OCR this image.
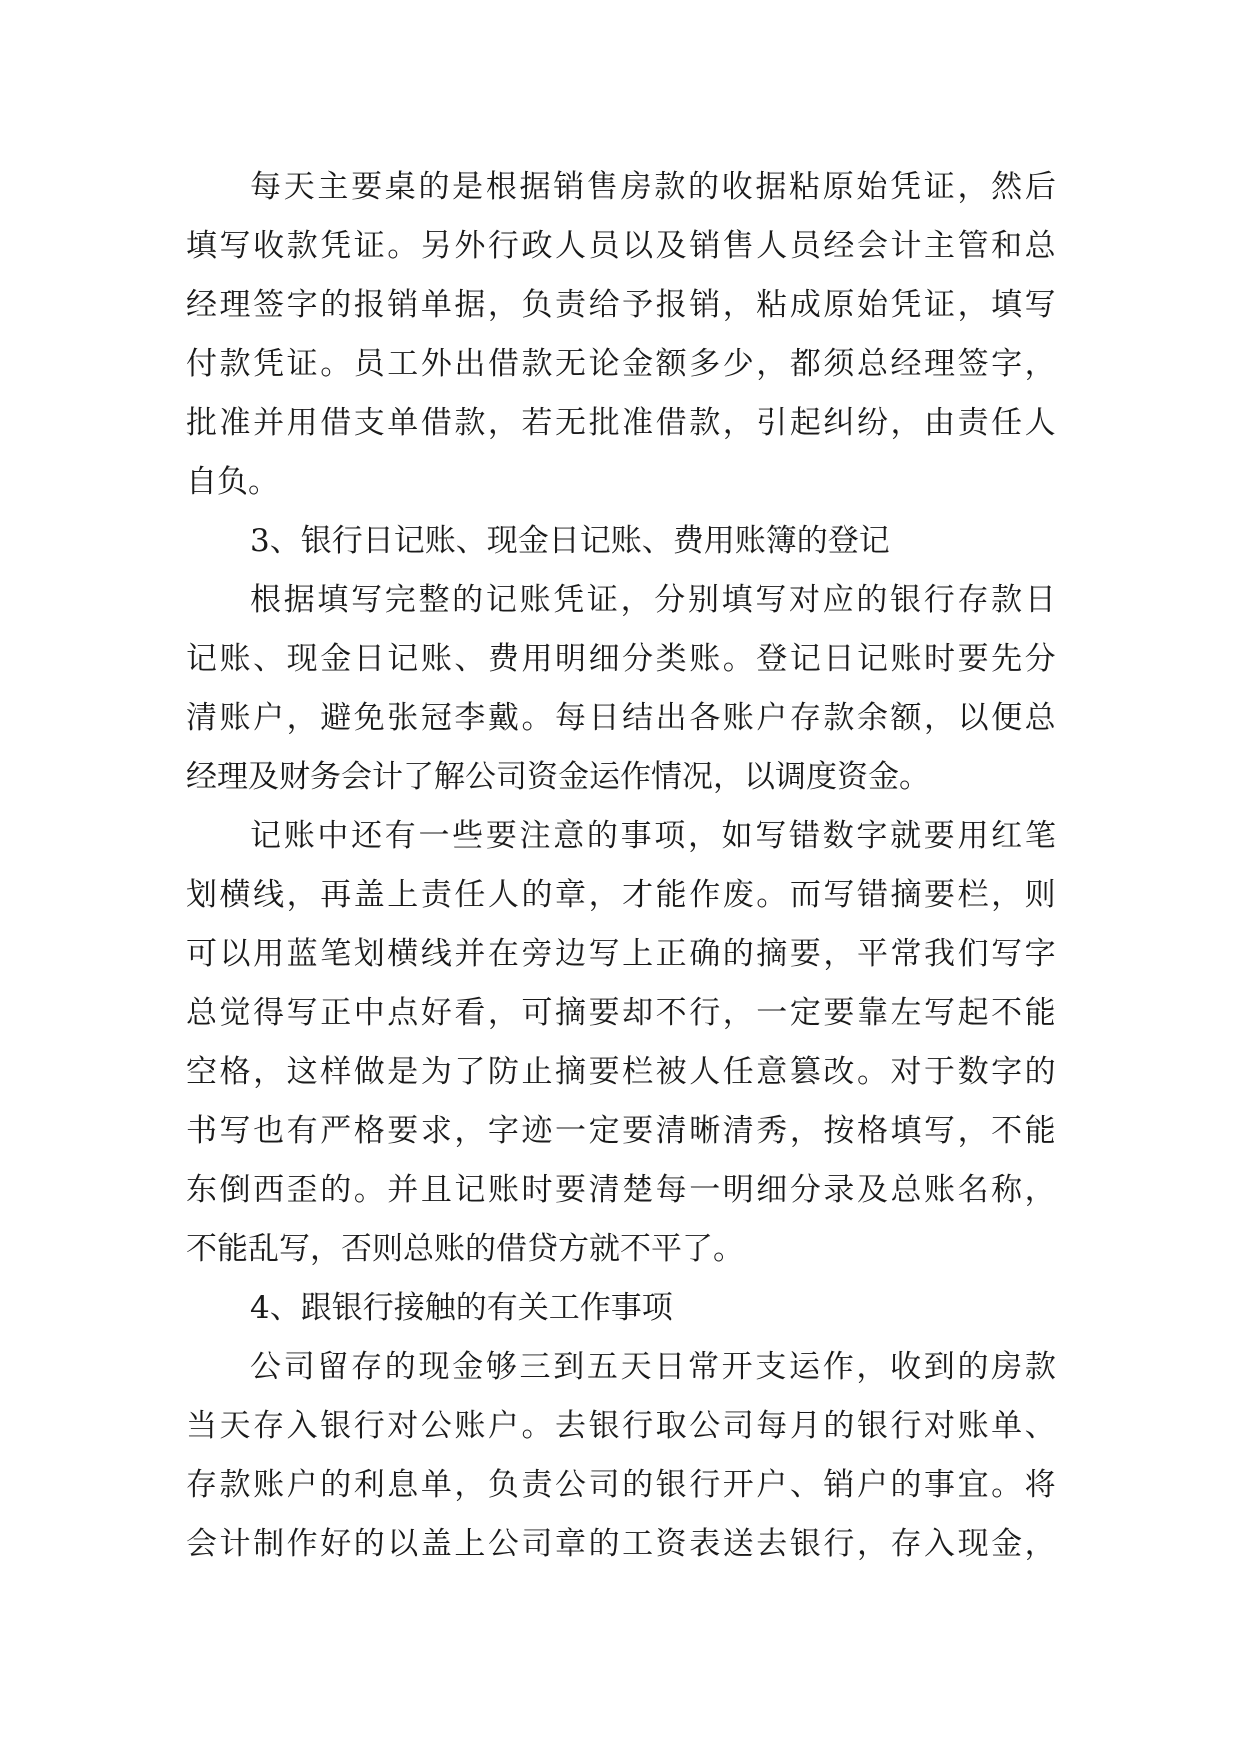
每 天 主 要 桌 的 是 根 据 销 售 房 款 的 收 据 粘 原 始 凭 证 ， 然 后

填 写 收 款 凭 证 。 另 外 行 政 人 员 以 及 销 售 人 员 经 会 计 主 管 和 总

经 理 签 字 的 报 销 单 据 ， 负 责 给 予 报 销 ， 粘 成 原 始 凭 证 ， 填 写

付 款 凭 证 。 员 工 外 出 借 款 无 论 金 额 多 少 ， 都 须 总 经 理 签 字 ，

批 准 并 用 借 支 单 借 款 ， 若 无 批 准 借 款 ， 引 起 纠 纷 ， 由 责 任 人

自负。

3、银行日记账、现金日记账、费用账簿的登记

根 据 填 写 完 整 的 记 账 凭 证 ， 分 别 填 写 对 应 的 银 行 存 款 日

记 账 、 现 金 日 记 账 、 费 用 明 细 分 类 账 。 登 记 日 记 账 时 要 先 分

清 账 户 ， 避 免 张 冠 李 戴 。 每 日 结 出 各 账 户 存 款 余 额 ， 以 便 总

经理及财务会计了解公司资金运作情况，以调度资金。

记 账 中 还 有 一 些 要 注 意 的 事 项 ， 如 写 错 数 字 就 要 用 红 笔

划 横 线 ， 再 盖 上 责 任 人 的 章 ， 才 能 作 废 。 而 写 错 摘 要 栏 ， 则

可 以 用 蓝 笔 划 横 线 并 在 旁 边 写 上 正 确 的 摘 要 ， 平 常 我 们 写 字

总 觉 得 写 正 中 点 好 看 ， 可 摘 要 却 不 行 ， 一 定 要 靠 左 写 起 不 能

空 格 ， 这 样 做 是 为 了 防 止 摘 要 栏 被 人 任 意 篡 改 。 对 于 数 字 的

书 写 也 有 严 格 要 求 ， 字 迹 一 定 要 清 晰 清 秀 ， 按 格 填 写 ， 不 能

东 倒 西 歪 的 。 并 且 记 账 时 要 清 楚 每 一 明 细 分 录 及 总 账 名 称 ，

不能乱写，否则总账的借贷方就不平了。

4、跟银行接触的有关工作事项

公 司 留 存 的 现 金 够 三 到 五 天 日 常 开 支 运 作 ， 收 到 的 房 款

当 天 存 入 银 行 对 公 账 户 。 去 银 行 取 公 司 每 月 的 银 行 对 账 单 、

存 款 账 户 的 利 息 单 ， 负 责 公 司 的 银 行 开 户 、 销 户 的 事 宜 。 将

会 计 制 作 好 的 以 盖 上 公 司 章 的 工 资 表 送 去 银 行 ， 存 入 现 金 ，
